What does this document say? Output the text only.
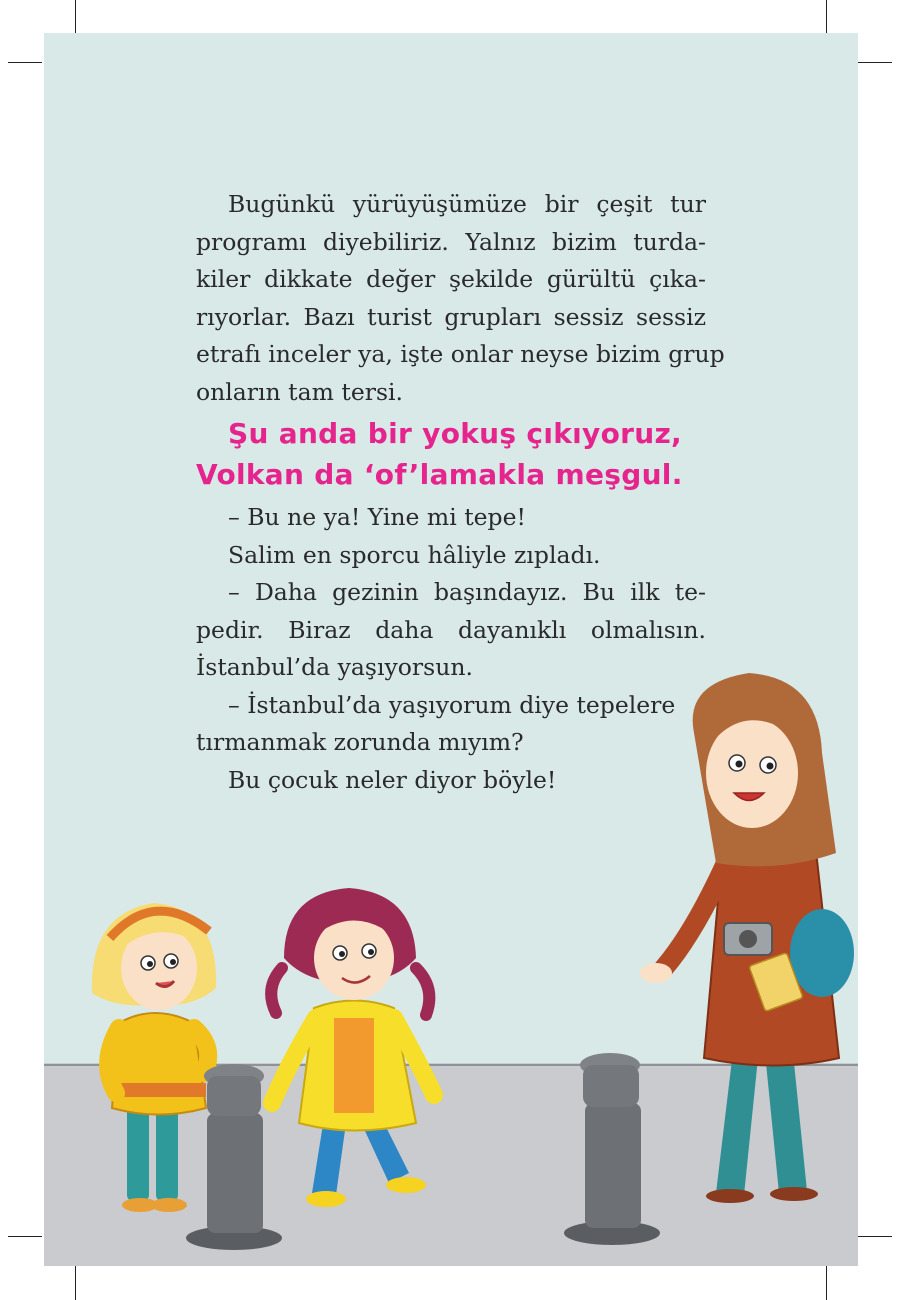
Bugünkü yürüyüşümüze bir çeşit tur
programı diyebiliriz. Yalnız bizim turda-
kiler dikkate değer şekilde gürültü çıka-
rıyorlar. Bazı turist grupları sessiz sessiz
etrafı inceler ya, işte onlar neyse bizim grup
onların tam tersi.
Şu anda bir yokuş çıkıyoruz,
Volkan da ‘of’lamakla meşgul.
– Bu ne ya! Yine mi tepe!
Salim en sporcu hâliyle zıpladı.
– Daha gezinin başındayız. Bu ilk te-
pedir. Biraz daha dayanıklı olmalısın.
İstanbul’da yaşıyorsun.
– İstanbul’da yaşıyorum diye tepelere
tırmanmak zorunda mıyım?
Bu çocuk neler diyor böyle!
